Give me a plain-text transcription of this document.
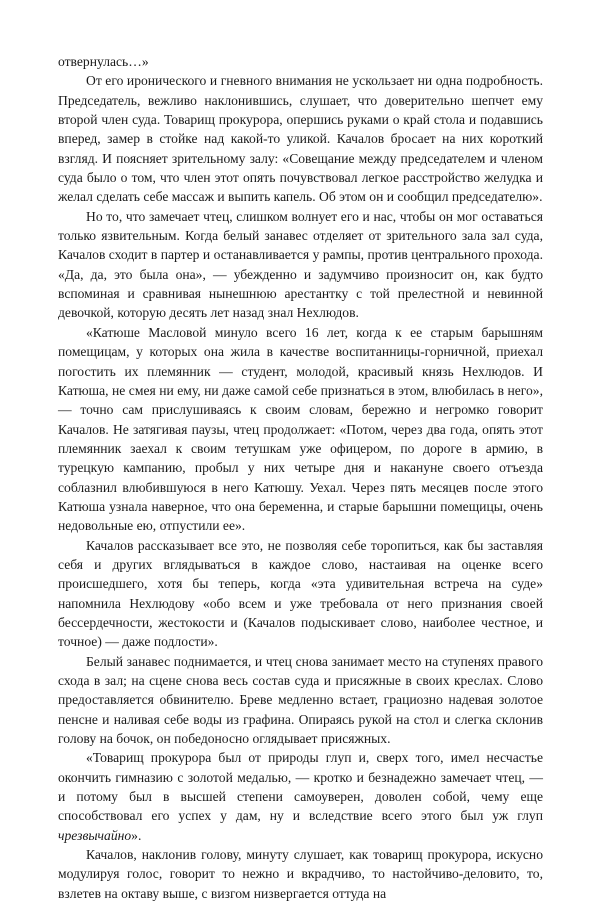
отвернулась…»

От его иронического и гневного внимания не ускользает ни одна подробность. Председатель, вежливо наклонившись, слушает, что доверительно шепчет ему второй член суда. Товарищ прокурора, опершись руками о край стола и подавшись вперед, замер в стойке над какой-то уликой. Качалов бросает на них короткий взгляд. И поясняет зрительному залу: «Совещание между председателем и членом суда было о том, что член этот опять почувствовал легкое расстройство желудка и желал сделать себе массаж и выпить капель. Об этом он и сообщил председателю».

Но то, что замечает чтец, слишком волнует его и нас, чтобы он мог оставаться только язвительным. Когда белый занавес отделяет от зрительного зала зал суда, Качалов сходит в партер и останавливается у рампы, против центрального прохода. «Да, да, это была она», — убежденно и задумчиво произносит он, как будто вспоминая и сравнивая нынешнюю арестантку с той прелестной и невинной девочкой, которую десять лет назад знал Нехлюдов.

«Катюше Масловой минуло всего 16 лет, когда к ее старым барышням помещицам, у которых она жила в качестве воспитанницы-горничной, приехал погостить их племянник — студент, молодой, красивый князь Нехлюдов. И Катюша, не смея ни ему, ни даже самой себе признаться в этом, влюбилась в него», — точно сам прислушиваясь к своим словам, бережно и негромко говорит Качалов. Не затягивая паузы, чтец продолжает: «Потом, через два года, опять этот племянник заехал к своим тетушкам уже офицером, по дороге в армию, в турецкую кампанию, пробыл у них четыре дня и накануне своего отъезда соблазнил влюбившуюся в него Катюшу. Уехал. Через пять месяцев после этого Катюша узнала наверное, что она беременна, и старые барышни помещицы, очень недовольные ею, отпустили ее».

Качалов рассказывает все это, не позволяя себе торопиться, как бы заставляя себя и других вглядываться в каждое слово, настаивая на оценке всего происшедшего, хотя бы теперь, когда «эта удивительная встреча на суде» напомнила Нехлюдову «обо всем и уже требовала от него признания своей бессердечности, жестокости и (Качалов подыскивает слово, наиболее честное, и точное) — даже подлости».

Белый занавес поднимается, и чтец снова занимает место на ступенях правого схода в зал; на сцене снова весь состав суда и присяжные в своих креслах. Слово предоставляется обвинителю. Бреве медленно встает, грациозно надевая золотое пенсне и наливая себе воды из графина. Опираясь рукой на стол и слегка склонив голову на бочок, он победоносно оглядывает присяжных.

«Товарищ прокурора был от природы глуп и, сверх того, имел несчастье окончить гимназию с золотой медалью, — кротко и безнадежно замечает чтец, — и потому был в высшей степени самоуверен, доволен собой, чему еще способствовал его успех у дам, ну и вследствие всего этого был уж глуп чрезвычайно».

Качалов, наклонив голову, минуту слушает, как товарищ прокурора, искусно модулируя голос, говорит то нежно и вкрадчиво, то настойчиво-деловито, то, взлетев на октаву выше, с визгом низвергается оттуда на
